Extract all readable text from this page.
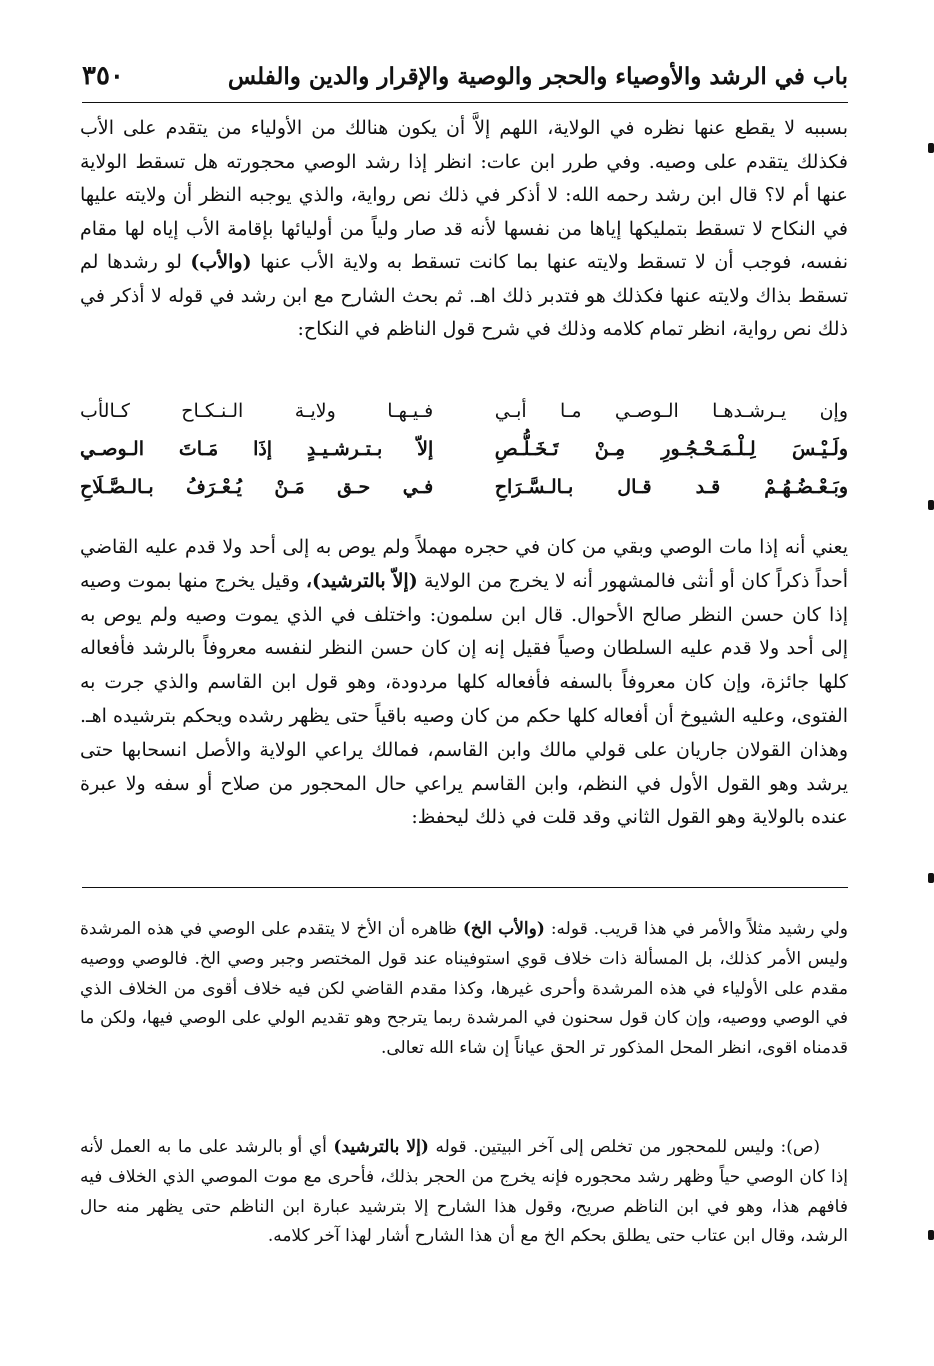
باب في الرشد والأوصياء والحجر والوصية والإقرار والدين والفلس
٣٥٠

بسببه لا يقطع عنها نظره في الولاية، اللهم إلاَّ أن يكون هنالك من الأولياء من يتقدم على الأب فكذلك يتقدم على وصيه. وفي طرر ابن عات: انظر إذا رشد الوصي محجورته هل تسقط الولاية عنها أم لا؟ قال ابن رشد رحمه الله: لا أذكر في ذلك نص رواية، والذي يوجبه النظر أن ولايته عليها في النكاح لا تسقط بتمليكها إياها من نفسها لأنه قد صار ولياً من أوليائها بإقامة الأب إياه لها مقام نفسه، فوجب أن لا تسقط ولايته عنها بما كانت تسقط به ولاية الأب عنها (والأب) لو رشدها لم تسقط بذاك ولايته عنها فكذلك هو فتدبر ذلك اهـ. ثم بحث الشارح مع ابن رشد في قوله لا أذكر في ذلك نص رواية، انظر تمام كلامه وذلك في شرح قول الناظم في النكاح:

وإن يـرشـدهـا الـوصـي مـا أبـي
فـيـهـا ولايـة الـنـكـاح كـالأب
ولَـيْـسَ لِـلْـمَـحْـجُـورِ مِـنْ تَـخَـلُّـصِ
إلاّ بـتـرشـيـدٍ إذَا مَـاتَ الـوصـي
وبَـعْـضُـهُـمْ قـد قـال بـالـسَّـرَاحِ
فـي حـق مَـنْ يُـعْـرَفُ بـالـصَّـلَاحِ

يعني أنه إذا مات الوصي وبقي من كان في حجره مهملاً ولم يوص به إلى أحد ولا قدم عليه القاضي أحداً ذكراً كان أو أنثى فالمشهور أنه لا يخرج من الولاية (إلاّ بالترشيد)، وقيل يخرج منها بموت وصيه إذا كان حسن النظر صالح الأحوال. قال ابن سلمون: واختلف في الذي يموت وصيه ولم يوص به إلى أحد ولا قدم عليه السلطان وصياً فقيل إنه إن كان حسن النظر لنفسه معروفاً بالرشد فأفعاله كلها جائزة، وإن كان معروفاً بالسفه فأفعاله كلها مردودة، وهو قول ابن القاسم والذي جرت به الفتوى، وعليه الشيوخ أن أفعاله كلها حكم من كان وصيه باقياً حتى يظهر رشده ويحكم بترشيده اهـ. وهذان القولان جاريان على قولي مالك وابن القاسم، فمالك يراعي الولاية والأصل انسحابها حتى يرشد وهو القول الأول في النظم، وابن القاسم يراعي حال المحجور من صلاح أو سفه ولا عبرة عنده بالولاية وهو القول الثاني وقد قلت في ذلك ليحفظ:

ولي رشيد مثلاً والأمر في هذا قريب. قوله: (والأب الخ) ظاهره أن الأخ لا يتقدم على الوصي في هذه المرشدة وليس الأمر كذلك، بل المسألة ذات خلاف قوي استوفيناه عند قول المختصر وجبر وصي الخ. فالوصي ووصيه مقدم على الأولياء في هذه المرشدة وأحرى غيرها، وكذا مقدم القاضي لكن فيه خلاف أقوى من الخلاف الذي في الوصي ووصيه، وإن كان قول سحنون في المرشدة ربما يترجح وهو تقديم الولي على الوصي فيها، ولكن ما قدمناه اقوى، انظر المحل المذكور تر الحق عياناً إن شاء الله تعالى.

(ص): وليس للمحجور من تخلص إلى آخر البيتين. قوله (إلا بالترشيد) أي أو بالرشد على ما به العمل لأنه إذا كان الوصي حياً وظهر رشد محجوره فإنه يخرج من الحجر بذلك، فأحرى مع موت الموصي الذي الخلاف فيه فافهم هذا، وهو في ابن الناظم صريح، وقول هذا الشارح إلا بترشيد عبارة ابن الناظم حتى يظهر منه حال الرشد، وقال ابن عتاب حتى يطلق بحكم الخ مع أن هذا الشارح أشار لهذا آخر كلامه.
